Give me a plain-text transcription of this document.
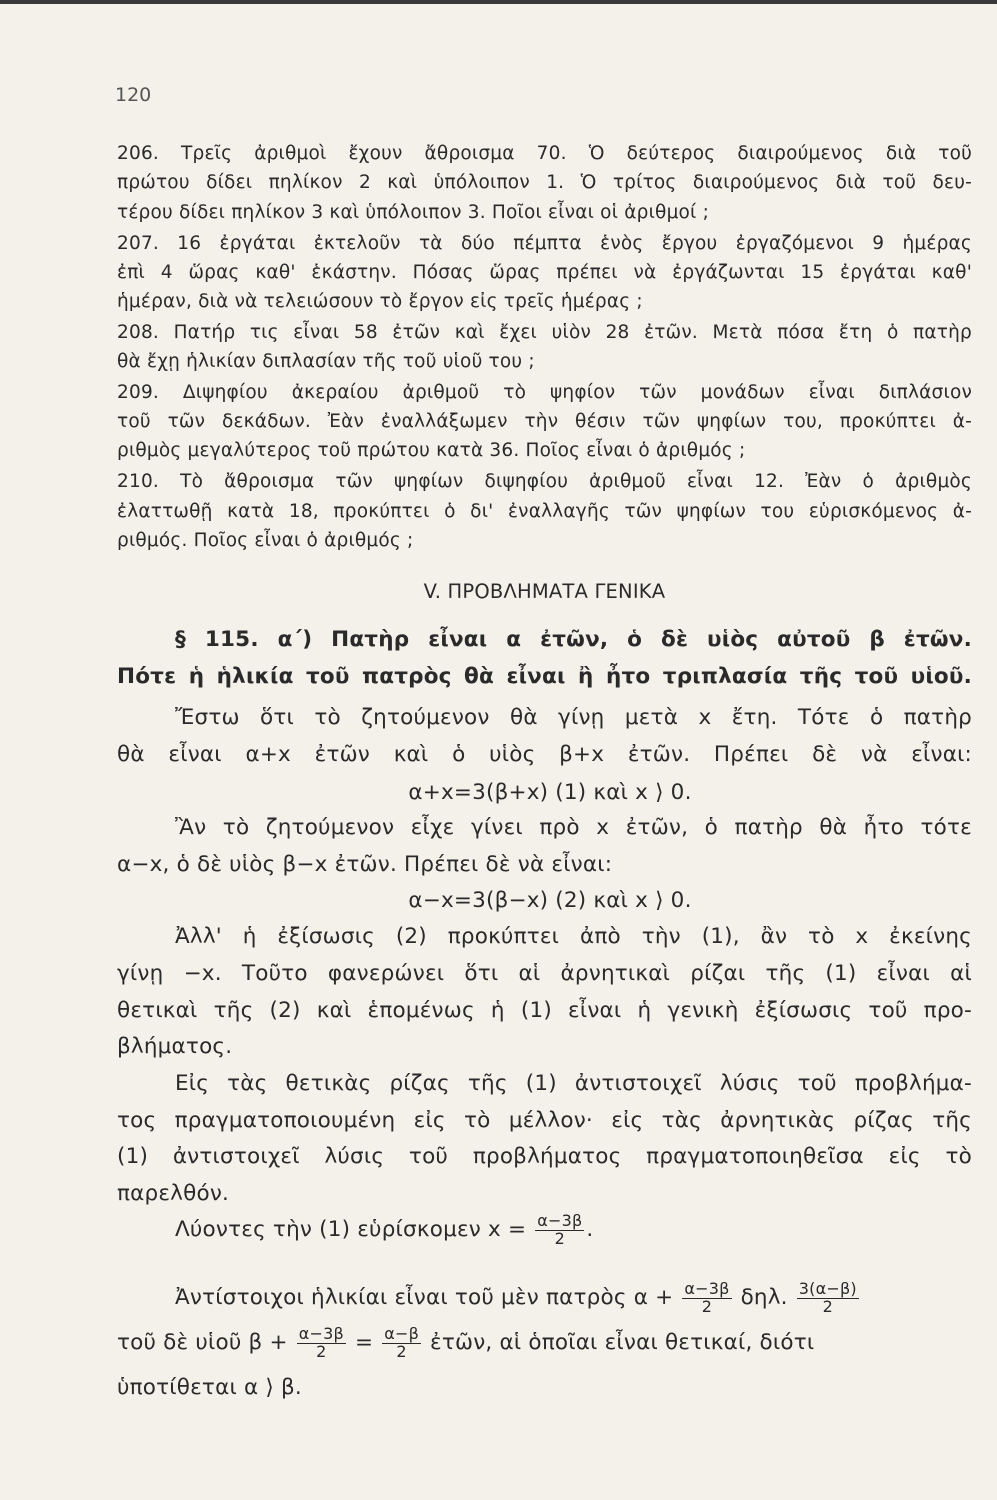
120
206. Τρεῖς ἀριθμοὶ ἔχουν ἄθροισμα 70. Ὁ δεύτερος διαιρούμενος διὰ τοῦ
πρώτου δίδει πηλίκον 2 καὶ ὑπόλοιπον 1. Ὁ τρίτος διαιρούμενος διὰ τοῦ δευ-
τέρου δίδει πηλίκον 3 καὶ ὑπόλοιπον 3. Ποῖοι εἶναι οἱ ἀριθμοί ;
207. 16 ἐργάται ἐκτελοῦν τὰ δύο πέμπτα ἑνὸς ἔργου ἐργαζόμενοι 9 ἡμέρας
ἐπὶ 4 ὥρας καθ' ἑκάστην. Πόσας ὥρας πρέπει νὰ ἐργάζωνται 15 ἐργάται καθ'
ἡμέραν, διὰ νὰ τελειώσουν τὸ ἔργον εἰς τρεῖς ἡμέρας ;
208. Πατήρ τις εἶναι 58 ἐτῶν καὶ ἔχει υἱὸν 28 ἐτῶν. Μετὰ πόσα ἔτη ὁ πατὴρ
θὰ ἔχῃ ἡλικίαν διπλασίαν τῆς τοῦ υἱοῦ του ;
209. Διψηφίου ἀκεραίου ἀριθμοῦ τὸ ψηφίον τῶν μονάδων εἶναι διπλάσιον
τοῦ τῶν δεκάδων. Ἐὰν ἐναλλάξωμεν τὴν θέσιν τῶν ψηφίων του, προκύπτει ἀ-
ριθμὸς μεγαλύτερος τοῦ πρώτου κατὰ 36. Ποῖος εἶναι ὁ ἀριθμός ;
210. Τὸ ἄθροισμα τῶν ψηφίων διψηφίου ἀριθμοῦ εἶναι 12. Ἐὰν ὁ ἀριθμὸς
ἐλαττωθῇ κατὰ 18, προκύπτει ὁ δι' ἐναλλαγῆς τῶν ψηφίων του εὑρισκόμενος ἀ-
ριθμός. Ποῖος εἶναι ὁ ἀριθμός ;
V. ΠΡΟΒΛΗΜΑΤΑ ΓΕΝΙΚΑ
§ 115. α΄) Πατὴρ εἶναι α ἐτῶν, ὁ δὲ υἱὸς αὐτοῦ β ἐτῶν.
Πότε ἡ ἡλικία τοῦ πατρὸς θὰ εἶναι ἢ ἦτο τριπλασία τῆς τοῦ υἱοῦ.
Ἔστω ὅτι τὸ ζητούμενον θὰ γίνῃ μετὰ x ἔτη. Τότε ὁ πατὴρ
θὰ εἶναι α+x ἐτῶν καὶ ὁ υἱὸς β+x ἐτῶν. Πρέπει δὲ νὰ εἶναι:
α+x=3(β+x) (1) καὶ x ⟩ 0.
Ἂν τὸ ζητούμενον εἶχε γίνει πρὸ x ἐτῶν, ὁ πατὴρ θὰ ἦτο τότε
α−x, ὁ δὲ υἱὸς β−x ἐτῶν. Πρέπει δὲ νὰ εἶναι:
α−x=3(β−x) (2) καὶ x ⟩ 0.
Ἀλλ' ἡ ἐξίσωσις (2) προκύπτει ἀπὸ τὴν (1), ἂν τὸ x ἐκείνης
γίνῃ −x. Τοῦτο φανερώνει ὅτι αἱ ἀρνητικαὶ ρίζαι τῆς (1) εἶναι αἱ
θετικαὶ τῆς (2) καὶ ἑπομένως ἡ (1) εἶναι ἡ γενικὴ ἐξίσωσις τοῦ προ-
βλήματος.
Εἰς τὰς θετικὰς ρίζας τῆς (1) ἀντιστοιχεῖ λύσις τοῦ προβλήμα-
τος πραγματοποιουμένη εἰς τὸ μέλλον· εἰς τὰς ἀρνητικὰς ρίζας τῆς
(1) ἀντιστοιχεῖ λύσις τοῦ προβλήματος πραγματοποιηθεῖσα εἰς τὸ
παρελθόν.
Λύοντες τὴν (1) εὑρίσκομεν $x = \frac{\alpha-3\beta}{2}$ .
Ἀντίστοιχοι ἡλικίαι εἶναι τοῦ μὲν πατρὸς $\alpha + \frac{\alpha-3\beta}{2} \delta\eta\lambda$. $\frac{3(\alpha-\beta)}{2}$
τοῦ δὲ υἱοῦ $\beta + \frac{\alpha-3\beta}{2} = \frac{\alpha-\beta}{2}$ ἐτῶν, αἱ ὁποῖαι εἶναι θετικαί, διότι
ὑποτίθεται α ⟩ β.
